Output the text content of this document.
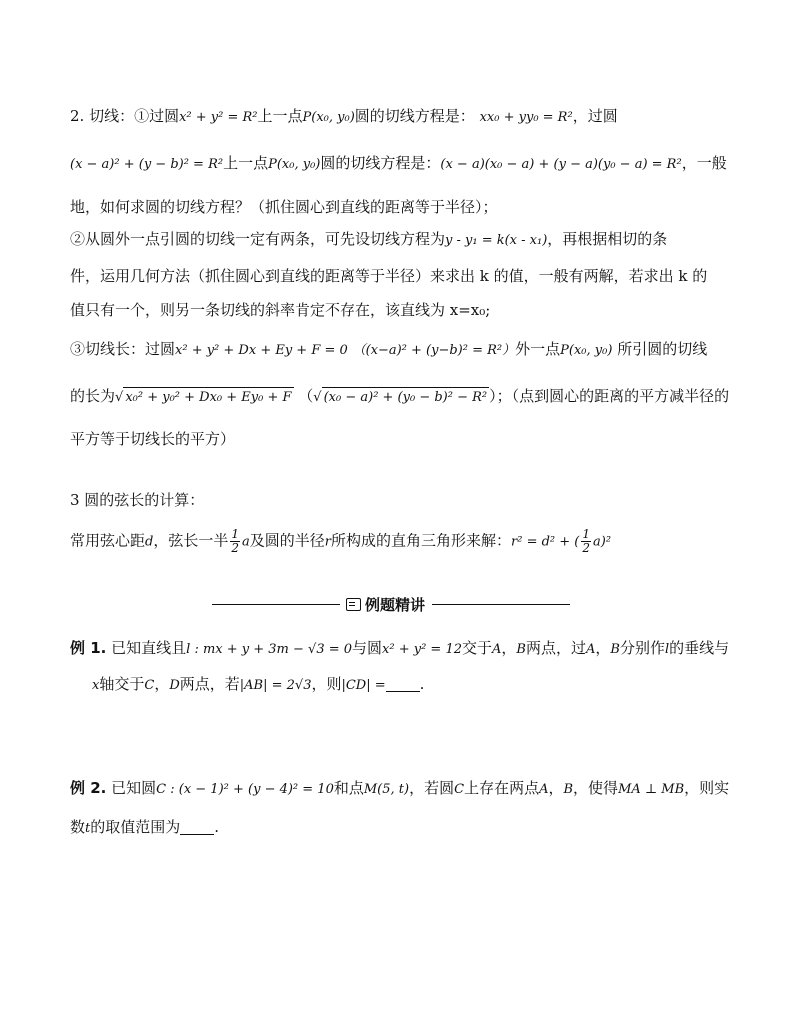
2. 切线：①过圆x² + y² = R²上一点P(x₀, y₀)圆的切线方程是： xx₀ + yy₀ = R²，过圆
(x − a)² + (y − b)² = R²上一点P(x₀, y₀)圆的切线方程是：(x − a)(x₀ − a) + (y − a)(y₀ − a) = R²，一般
地，如何求圆的切线方程？（抓住圆心到直线的距离等于半径）；
②从圆外一点引圆的切线一定有两条，可先设切线方程为y - y₁ = k(x - x₁)，再根据相切的条
件，运用几何方法（抓住圆心到直线的距离等于半径）来求出 k 的值，一般有两解，若求出 k 的
值只有一个，则另一条切线的斜率肯定不存在，该直线为 x=x₀;
③切线长：过圆x² + y² + Dx + Ey + F = 0 （(x−a)² + (y−b)² = R²）外一点P(x₀, y₀) 所引圆的切线
的长为√ x₀² + y₀² + Dx₀ + Ey₀ + F （√ (x₀ − a)² + (y₀ − b)² − R² ）；（点到圆心的距离的平方减半径的
平方等于切线长的平方）
3 圆的弦长的计算：
常用弦心距d，弦长一半 $\frac{1}{2}$ a及圆的半径r所构成的直角三角形来解：r² = d² + ( $\frac{1}{2} a)^2$
例题精讲
例 1. 已知直线且l : mx + y + 3m − √3 = 0与圆x² + y² = 12交于A，B两点，过A，B分别作l的垂线与
x轴交于C，D两点，若|AB| = 2√3，则|CD| = .
例 2. 已知圆C : (x − 1)² + (y − 4)² = 10和点M(5, t)，若圆C上存在两点A，B，使得MA ⊥ MB，则实
数t的取值范围为 .
